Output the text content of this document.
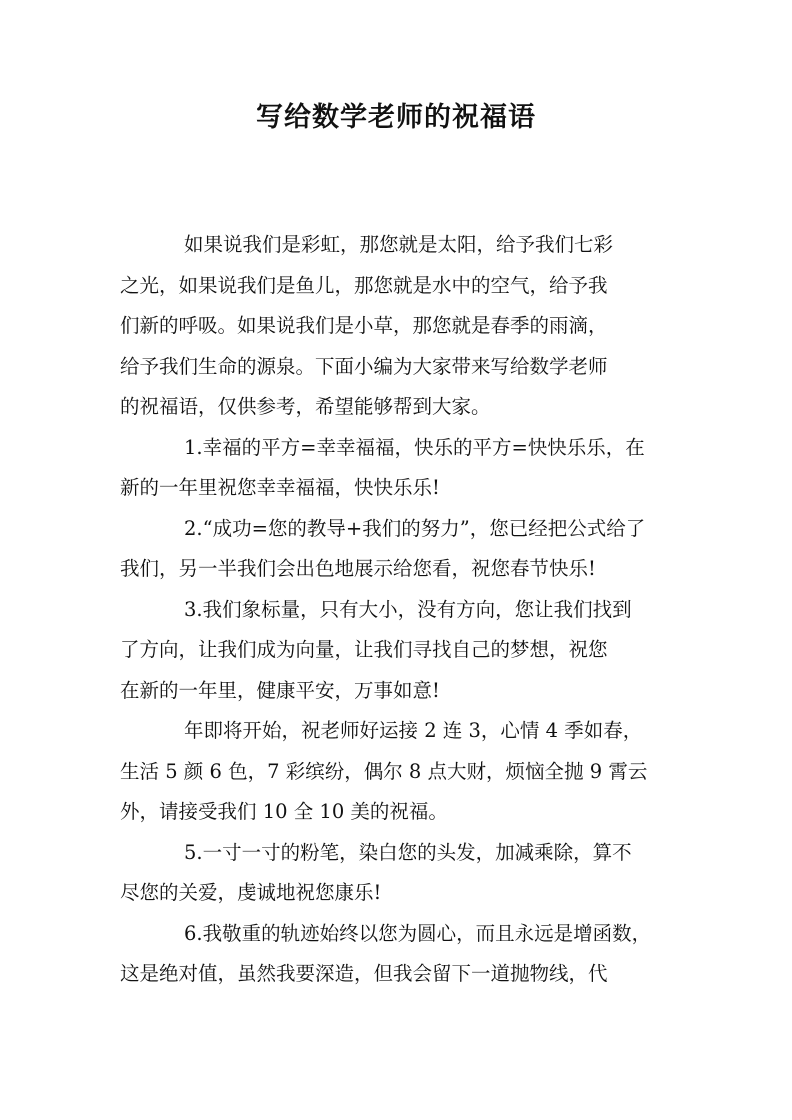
写给数学老师的祝福语
如果说我们是彩虹，那您就是太阳，给予我们七彩
之光，如果说我们是鱼儿，那您就是水中的空气，给予我
们新的呼吸。如果说我们是小草，那您就是春季的雨滴，
给予我们生命的源泉。下面小编为大家带来写给数学老师
的祝福语，仅供参考，希望能够帮到大家。
1.幸福的平方=幸幸福福，快乐的平方=快快乐乐，在
新的一年里祝您幸幸福福，快快乐乐!
2.“成功=您的教导+我们的努力”，您已经把公式给了
我们，另一半我们会出色地展示给您看，祝您春节快乐!
3.我们象标量，只有大小，没有方向，您让我们找到
了方向，让我们成为向量，让我们寻找自己的梦想，祝您
在新的一年里，健康平安，万事如意!
年即将开始，祝老师好运接 2 连 3，心情 4 季如春，
生活 5 颜 6 色，7 彩缤纷，偶尔 8 点大财，烦恼全抛 9 霄云
外，请接受我们 10 全 10 美的祝福。
5.一寸一寸的粉笔，染白您的头发，加减乘除，算不
尽您的关爱，虔诚地祝您康乐!
6.我敬重的轨迹始终以您为圆心，而且永远是增函数，
这是绝对值，虽然我要深造，但我会留下一道抛物线，代
